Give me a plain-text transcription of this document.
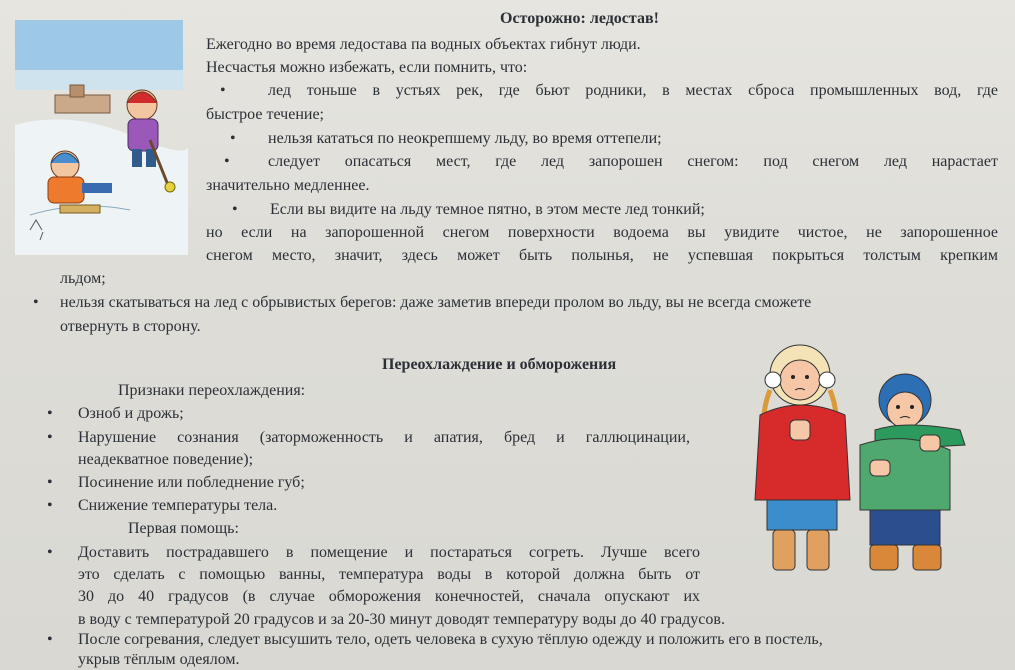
Осторожно: ледостав!
Ежегодно во время ледостава па водных объектах гибнут люди.
Несчастья можно избежать, если помнить, что:
•	лед тоньше в устьях рек, где бьют родники, в местах сброса промышленных вод, где
быстрое течение;
• нельзя кататься по неокрепшему льду, во время оттепели;
• следует опасаться мест, где лед запорошен снегом: под снегом лед нарастает
значительно медленнее.
• Если вы видите на льду темное пятно, в этом месте лед тонкий;
но если на запорошенной снегом поверхности водоема вы увидите чистое, не запорошенное
снегом место, значит, здесь может быть полынья, не успевшая покрыться толстым крепким
льдом;
• нельзя скатываться на лед с обрывистых берегов: даже заметив впереди пролом во льду, вы не всегда сможете
отвернуть в сторону.
Переохлаждение и обморожения
Признаки переохлаждения:
• Озноб и дрожь;
• Нарушение сознания (заторможенность и апатия, бред и галлюцинации,
неадекватное поведение);
• Посинение или побледнение губ;
• Снижение температуры тела.
Первая помощь:
• Доставить пострадавшего в помещение и постараться согреть. Лучше всего
это сделать с помощью ванны, температура воды в которой должна быть от
30 до 40 градусов (в случае обморожения конечностей, сначала опускают их
в воду с температурой 20 градусов и за 20-30 минут доводят температуру воды до 40 градусов.
• После согревания, следует высушить тело, одеть человека в сухую тёплую одежду и положить его в постель,
укрыв тёплым одеялом.
